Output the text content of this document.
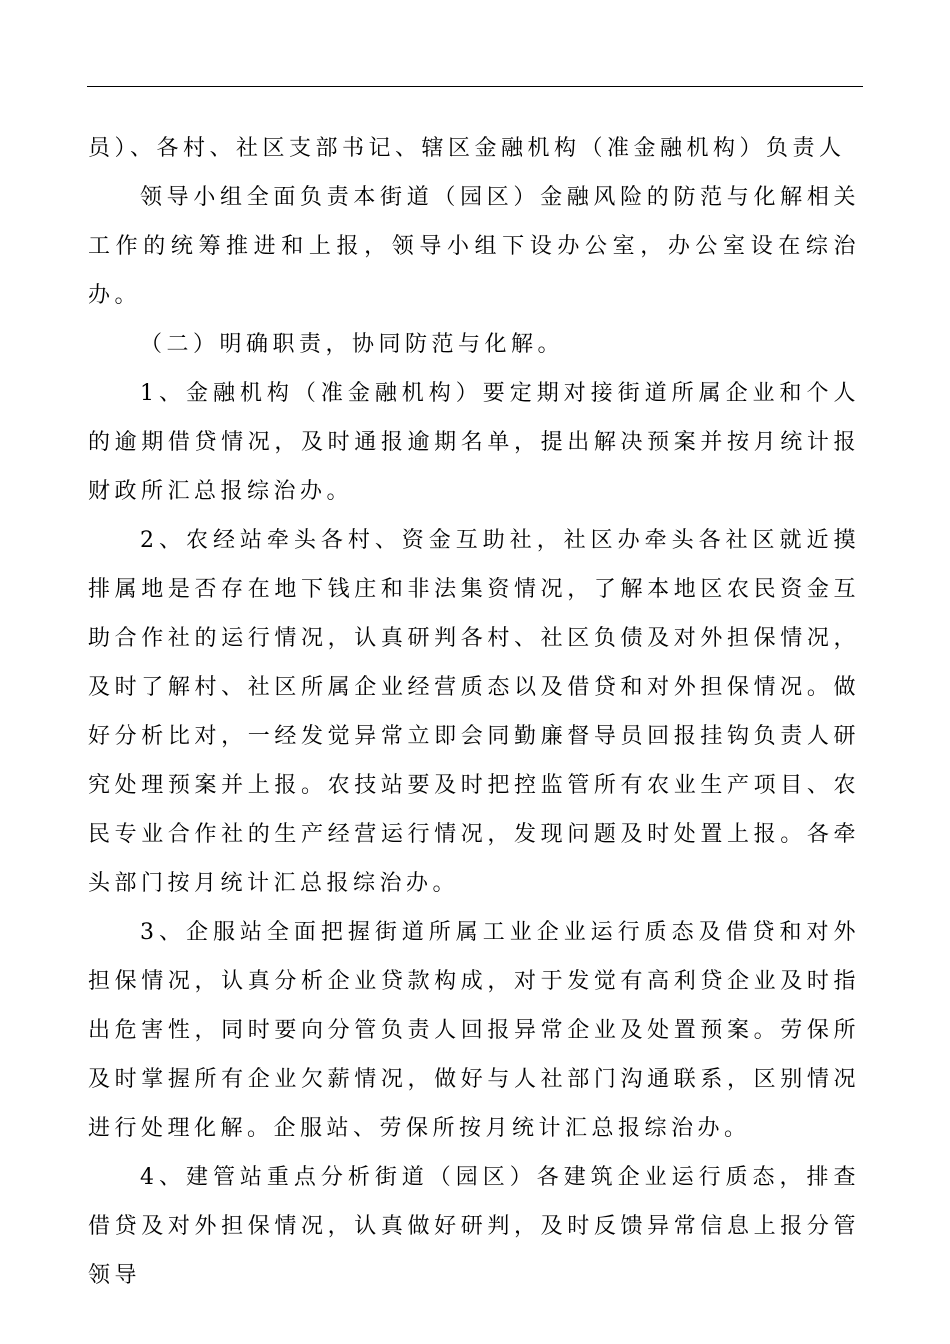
员）、各村、社区支部书记、辖区金融机构（准金融机构）负责人

领导小组全面负责本街道（园区）金融风险的防范与化解相关工作的统筹推进和上报，领导小组下设办公室，办公室设在综治办。

（二）明确职责，协同防范与化解。

1、金融机构（准金融机构）要定期对接街道所属企业和个人的逾期借贷情况，及时通报逾期名单，提出解决预案并按月统计报财政所汇总报综治办。

2、农经站牵头各村、资金互助社，社区办牵头各社区就近摸排属地是否存在地下钱庄和非法集资情况，了解本地区农民资金互助合作社的运行情况，认真研判各村、社区负债及对外担保情况，及时了解村、社区所属企业经营质态以及借贷和对外担保情况。做好分析比对，一经发觉异常立即会同勤廉督导员回报挂钩负责人研究处理预案并上报。农技站要及时把控监管所有农业生产项目、农民专业合作社的生产经营运行情况，发现问题及时处置上报。各牵头部门按月统计汇总报综治办。

3、企服站全面把握街道所属工业企业运行质态及借贷和对外担保情况，认真分析企业贷款构成，对于发觉有高利贷企业及时指出危害性，同时要向分管负责人回报异常企业及处置预案。劳保所及时掌握所有企业欠薪情况，做好与人社部门沟通联系，区别情况进行处理化解。企服站、劳保所按月统计汇总报综治办。

4、建管站重点分析街道（园区）各建筑企业运行质态，排查借贷及对外担保情况，认真做好研判，及时反馈异常信息上报分管领导
